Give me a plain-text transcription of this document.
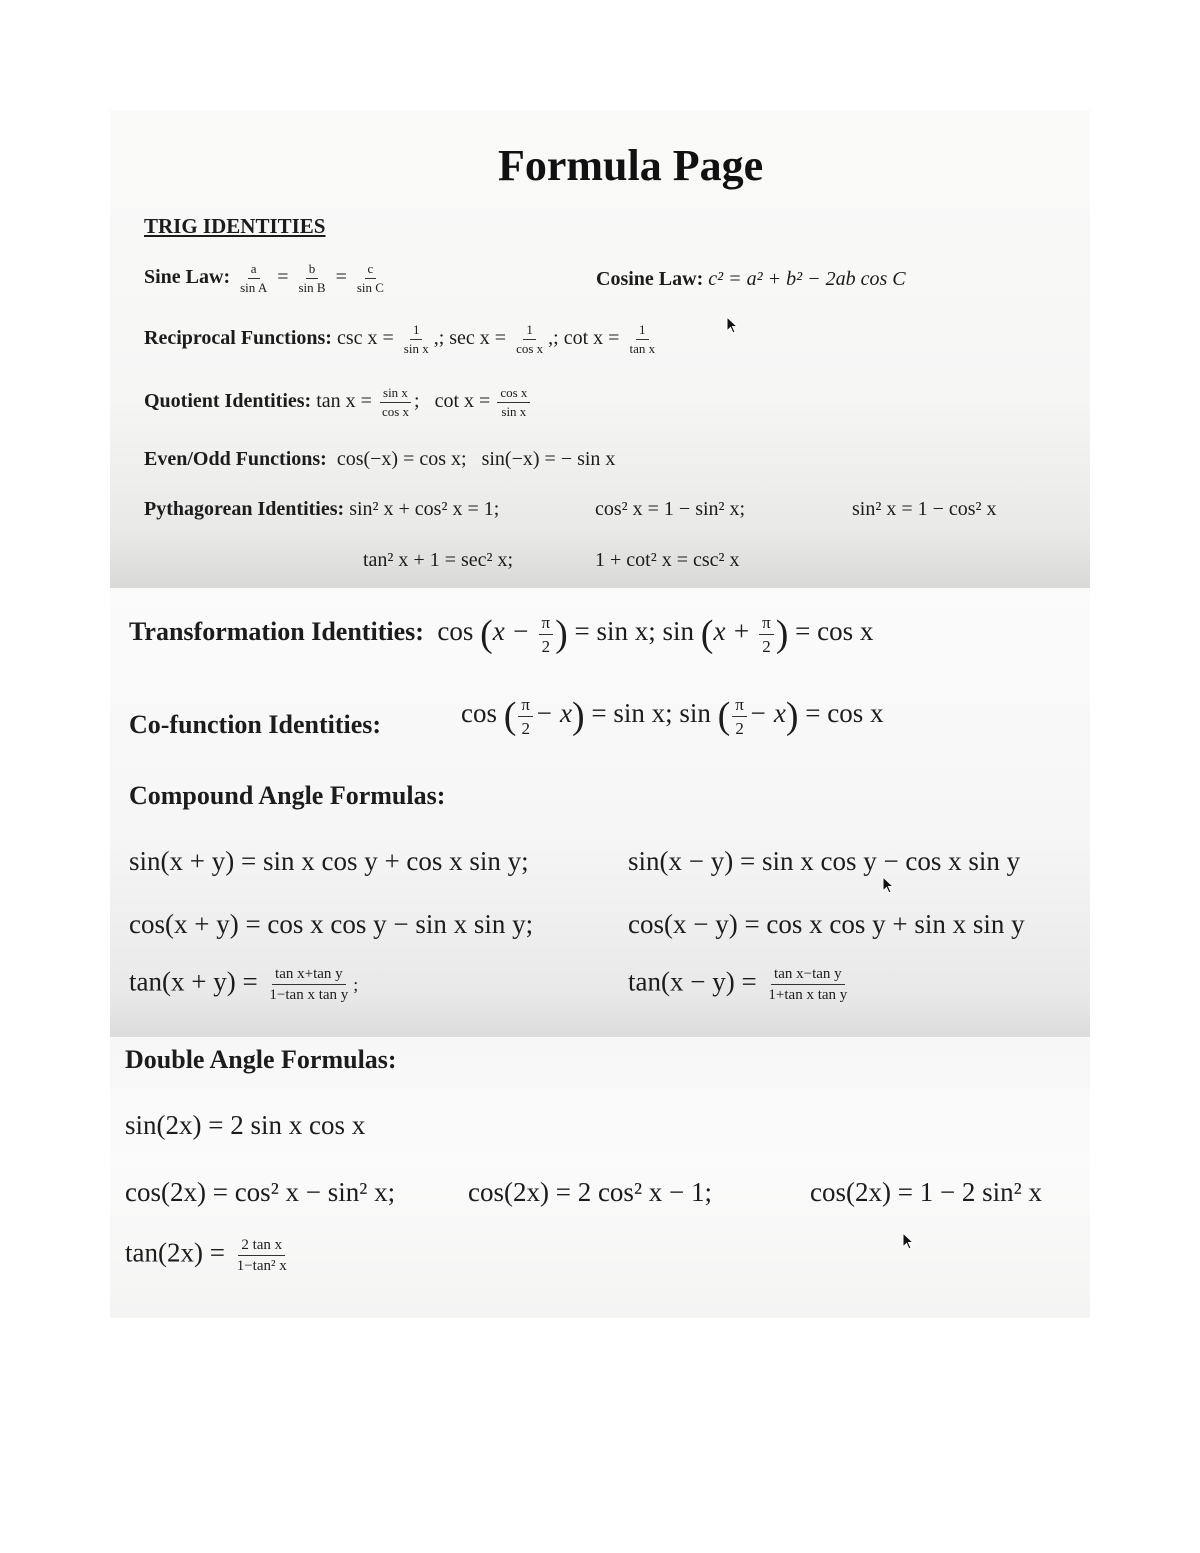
Formula Page
TRIG IDENTITIES
Sine Law: $\frac{a}{\text{sin A}} = \frac{b}{\text{sin B}} = \frac{c}{\text{sin C}}$	Cosine Law: c² = a² + b² − 2ab cos C
Reciprocal Functions: $\csc x = \frac{1}{\text{sin x}}$ ,; $\sec x = \frac{1}{\text{cos x}}$ ,; $\cot x = \frac{1}{\text{tan x}}$
Quotient Identities: $\tan x = \frac{\text{sin x}}{\text{cos x}}$ ; $\cot x = \frac{\text{cos x}}{\text{sin x}}$
Even/Odd Functions: cos(−x) = cos x; sin(−x) = − sin x
Pythagorean Identities: sin² x + cos² x = 1;	cos² x = 1 − sin² x;	sin² x = 1 − cos² x
tan² x + 1 = sec² x;	1 + cot² x = csc² x
Transformation Identities: $\cos (x - \frac{\pi}{2}$ ) = sin x; $\sin (x + \frac{\pi}{2}$ ) = cos x
Co-function Identities:	cos ( $\frac{\pi}{2} - x) = \sin x$; sin ( $\frac{\pi}{2} - x) = \cos x$
Compound Angle Formulas:
sin(x + y) = sin x cos y + cos x sin y;	sin(x − y) = sin x cos y − cos x sin y
cos(x + y) = cos x cos y − sin x sin y;	cos(x − y) = cos x cos y + sin x sin y
$\tan(x + y) = \frac{\text{tan x+tan y}}{\text{1−tan x tan y}}$ ;	$\tan(x - y) = \frac{\text{tan x−tan y}}{\text{1+tan x tan y}}$
Double Angle Formulas:
sin(2x) = 2 sin x cos x
cos(2x) = cos² x − sin² x;	cos(2x) = 2 cos² x − 1;	cos(2x) = 1 − 2 sin² x
$\tan(2x) = \frac{\text{2 tan x}}{\text{1−tan² x}}$
